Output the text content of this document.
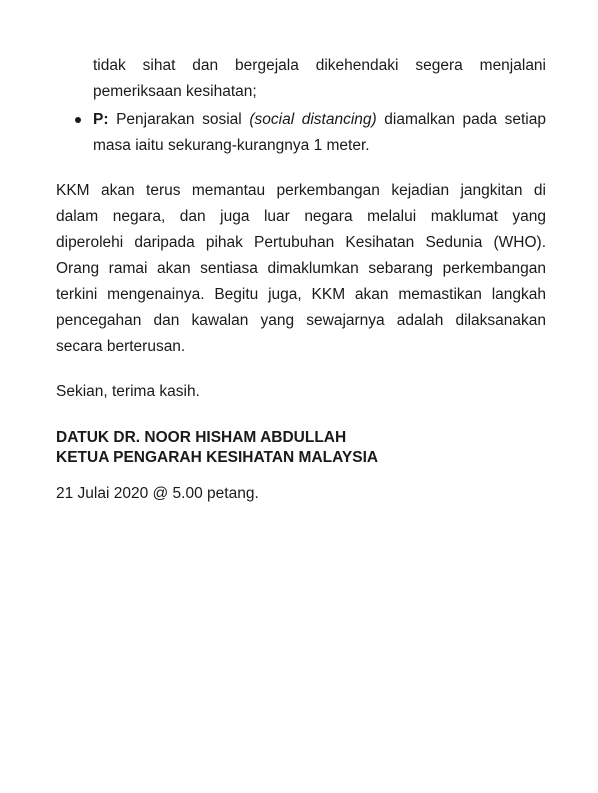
tidak sihat dan bergejala dikehendaki segera menjalani
pemeriksaan kesihatan;
P: Penjarakan sosial (social distancing) diamalkan pada setiap
masa iaitu sekurang-kurangnya 1 meter.
KKM akan terus memantau perkembangan kejadian jangkitan di
dalam negara, dan juga luar negara melalui maklumat yang
diperolehi daripada pihak Pertubuhan Kesihatan Sedunia (WHO).
Orang ramai akan sentiasa dimaklumkan sebarang perkembangan
terkini mengenainya. Begitu juga, KKM akan memastikan langkah
pencegahan dan kawalan yang sewajarnya adalah dilaksanakan
secara berterusan.
Sekian, terima kasih.
DATUK DR. NOOR HISHAM ABDULLAH
KETUA PENGARAH KESIHATAN MALAYSIA
21 Julai 2020 @ 5.00 petang.
